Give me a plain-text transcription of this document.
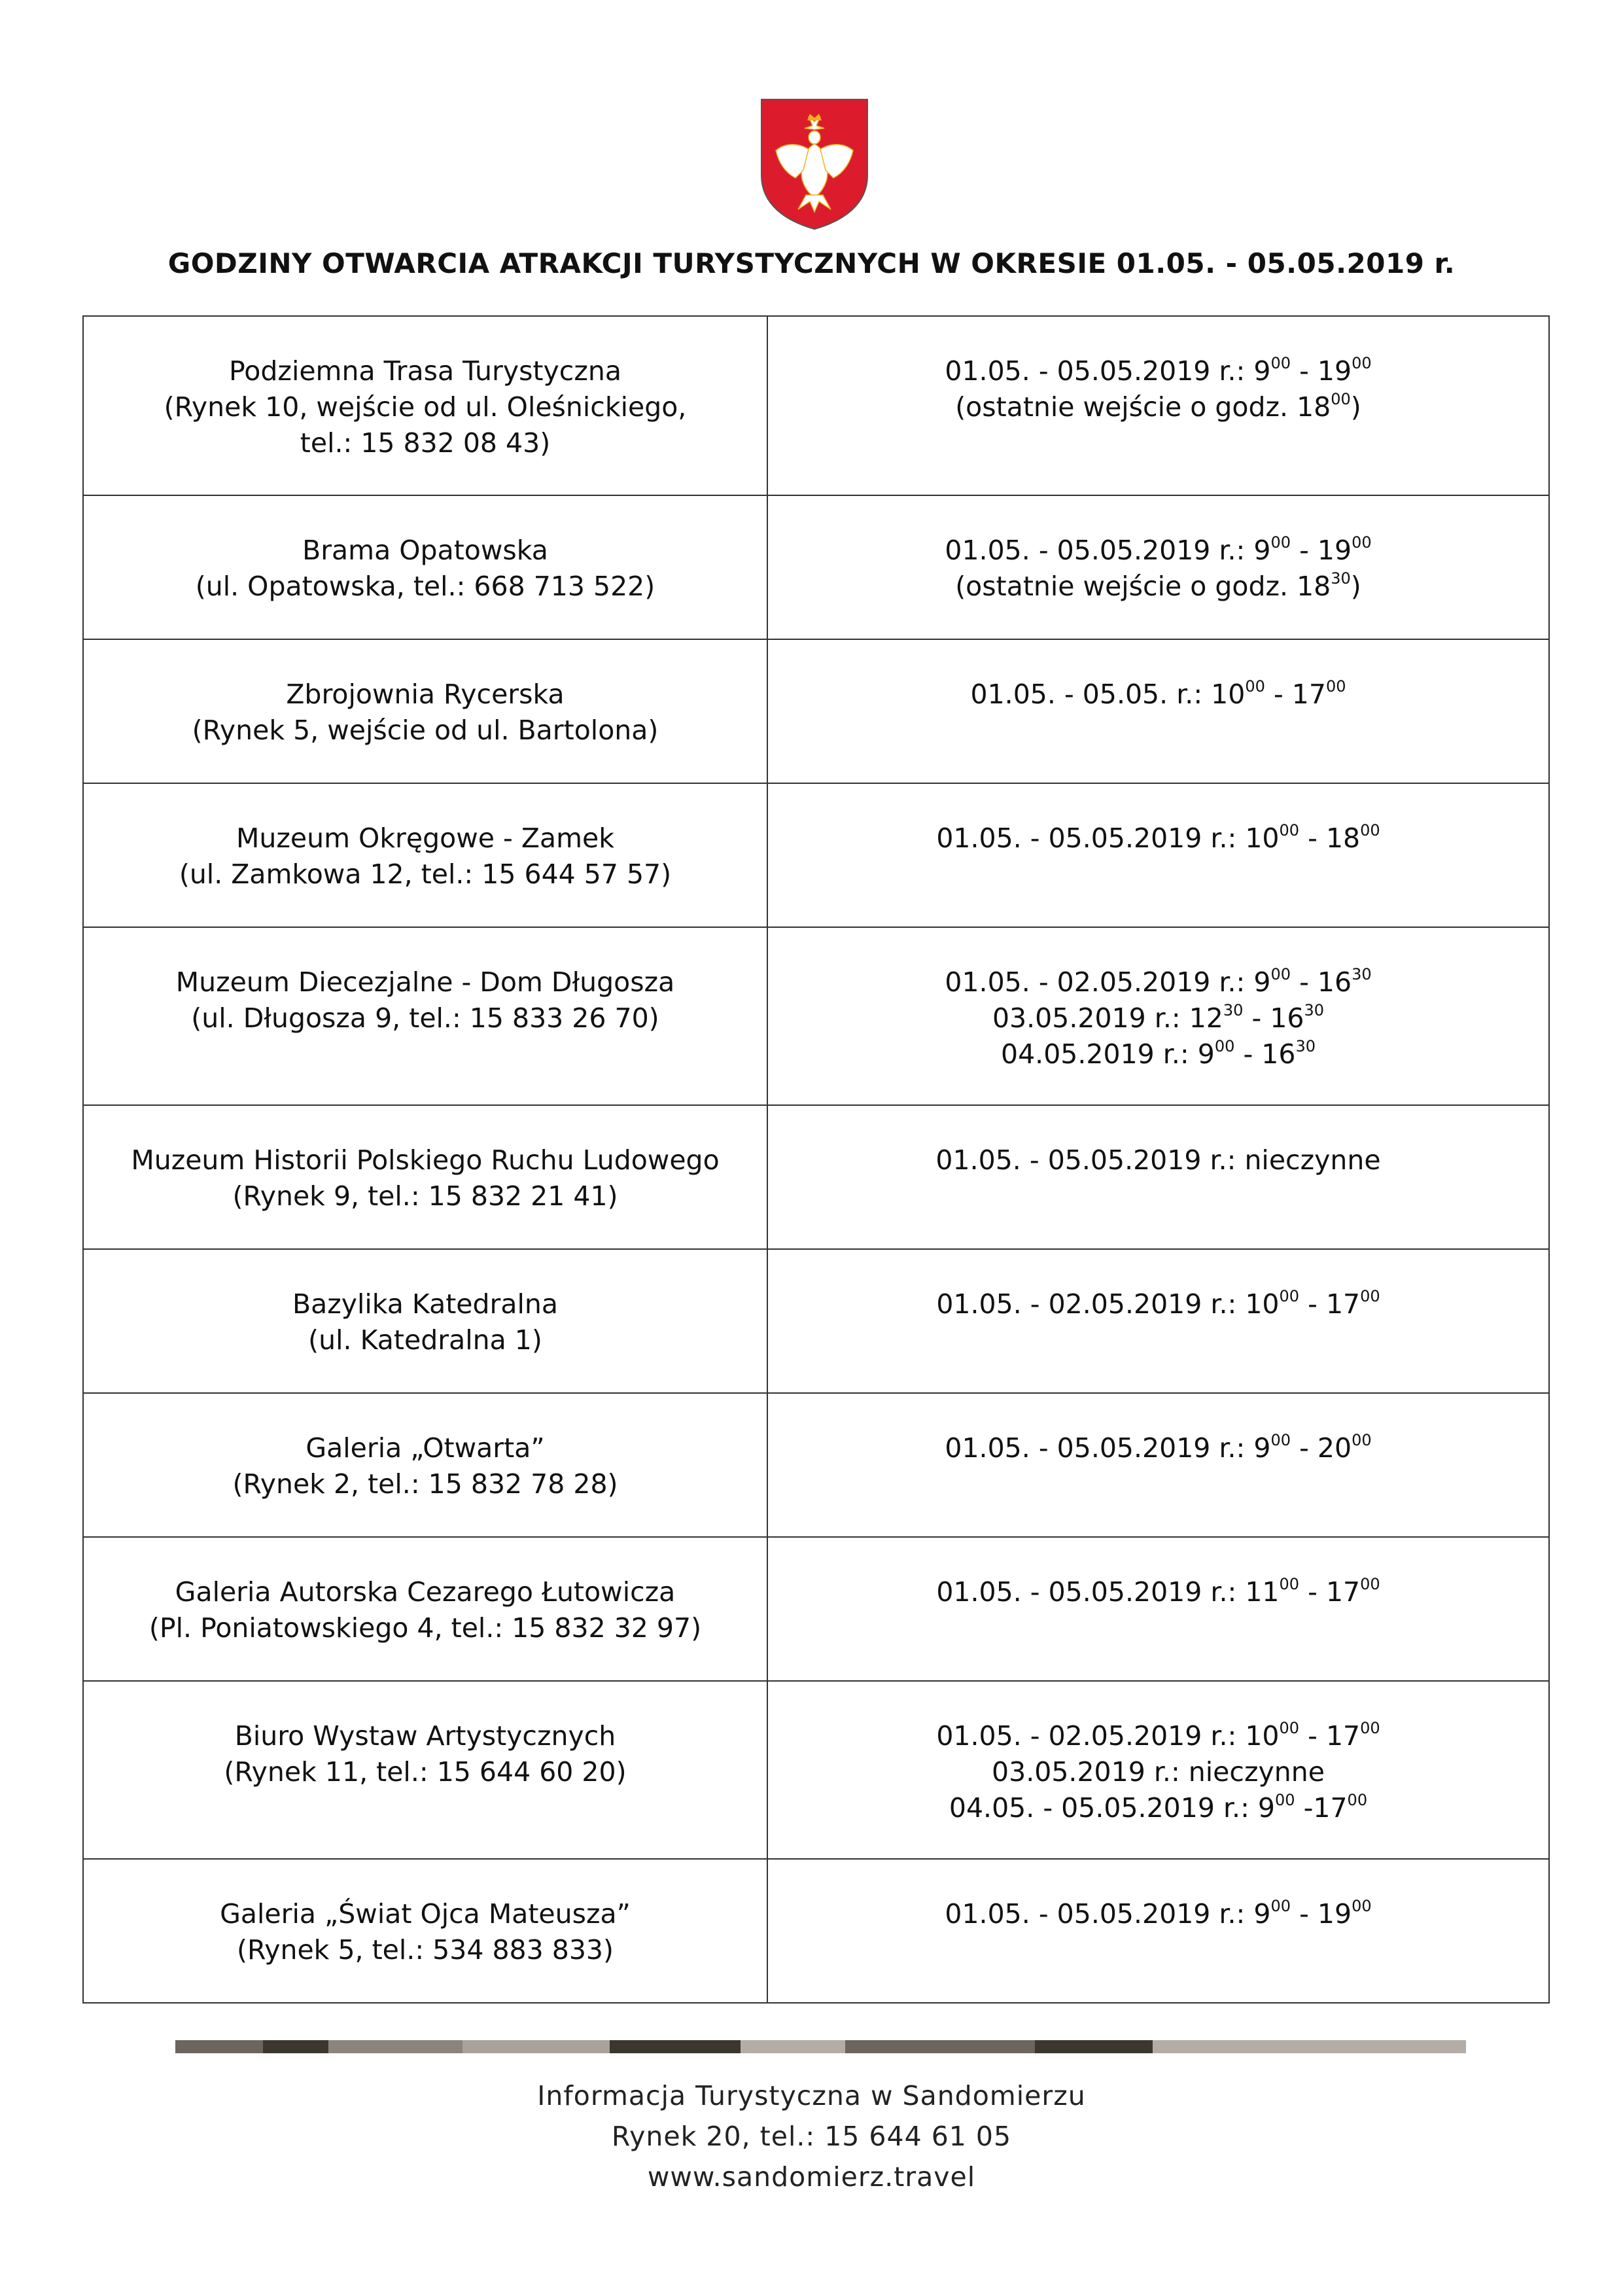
GODZINY OTWARCIA ATRAKCJI TURYSTYCZNYCH W OKRESIE 01.05. - 05.05.2019 r.
Podziemna Trasa Turystyczna
(Rynek 10, wejście od ul. Oleśnickiego,
tel.: 15 832 08 43)	01.05. - 05.05.2019 r.: $9^{00} - 19^{00}$
(ostatnie wejście o godz. $18^{00}$)

Brama Opatowska
(ul. Opatowska, tel.: 668 713 522)	01.05. - 05.05.2019 r.: $9^{00} - 19^{00}$
(ostatnie wejście o godz. $18^{30}$)

Zbrojownia Rycerska
(Rynek 5, wejście od ul. Bartolona)	01.05. - 05.05. r.: $10^{00} - 17^{00}$

Muzeum Okręgowe - Zamek
(ul. Zamkowa 12, tel.: 15 644 57 57)	01.05. - 05.05.2019 r.: $10^{00} - 18^{00}$

Muzeum Diecezjalne - Dom Długosza
(ul. Długosza 9, tel.: 15 833 26 70)	01.05. - 02.05.2019 r.: $9^{00} - 16^{30}$
03.05.2019 r.: $12^{30} - 16^{30}$
04.05.2019 r.: $9^{00} - 16^{30}$

Muzeum Historii Polskiego Ruchu Ludowego
(Rynek 9, tel.: 15 832 21 41)	01.05. - 05.05.2019 r.: nieczynne

Bazylika Katedralna
(ul. Katedralna 1)	01.05. - 02.05.2019 r.: $10^{00} - 17^{00}$

Galeria „Otwarta”
(Rynek 2, tel.: 15 832 78 28)	01.05. - 05.05.2019 r.: $9^{00} - 20^{00}$

Galeria Autorska Cezarego Łutowicza
(Pl. Poniatowskiego 4, tel.: 15 832 32 97)	01.05. - 05.05.2019 r.: $11^{00} - 17^{00}$

Biuro Wystaw Artystycznych
(Rynek 11, tel.: 15 644 60 20)	01.05. - 02.05.2019 r.: $10^{00} - 17^{00}$
03.05.2019 r.: nieczynne
04.05. - 05.05.2019 r.: $9^{00}$ $-17^{00}$

Galeria „Świat Ojca Mateusza”
(Rynek 5, tel.: 534 883 833)	01.05. - 05.05.2019 r.: $9^{00} - 19^{00}$
Informacja Turystyczna w Sandomierzu
Rynek 20, tel.: 15 644 61 05
www.sandomierz.travel
